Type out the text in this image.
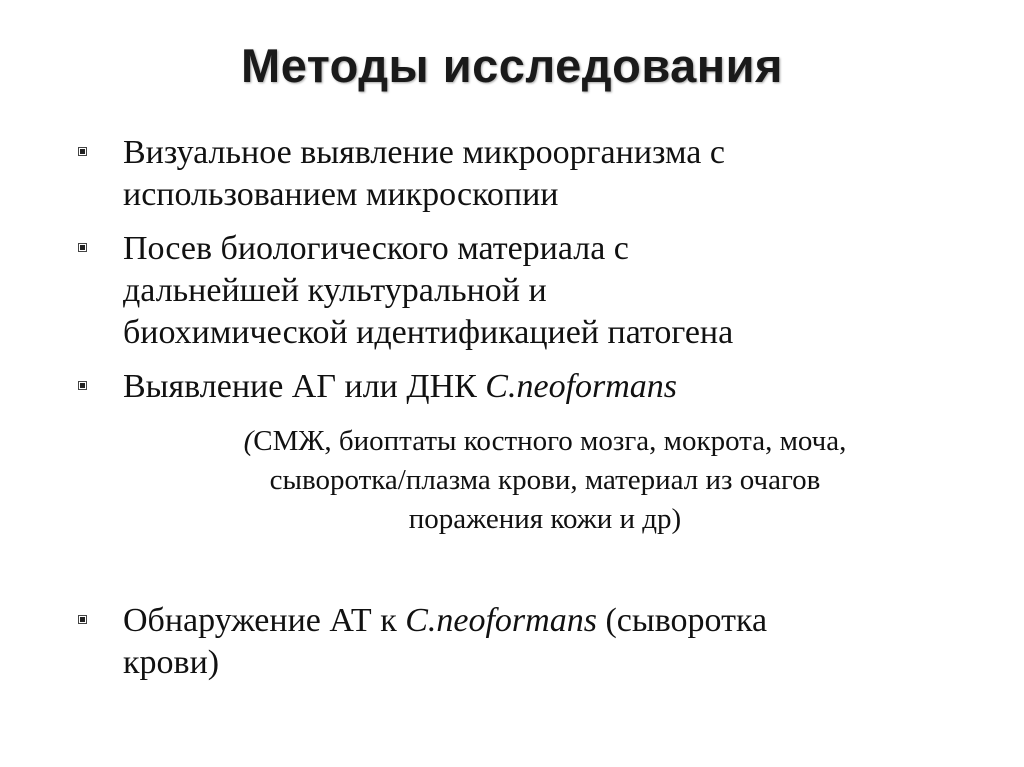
Методы исследования
Визуальное выявление микроорганизма с
использованием микроскопии
Посев биологического материала с
дальнейшей культуральной и
биохимической идентификацией патогена
Выявление АГ или ДНК C.neoformans
Обнаружение АТ к C.neoformans (сыворотка
крови)
(СМЖ, биоптаты костного мозга, мокрота, моча,
сыворотка/плазма крови, материал из очагов
поражения кожи и др)
